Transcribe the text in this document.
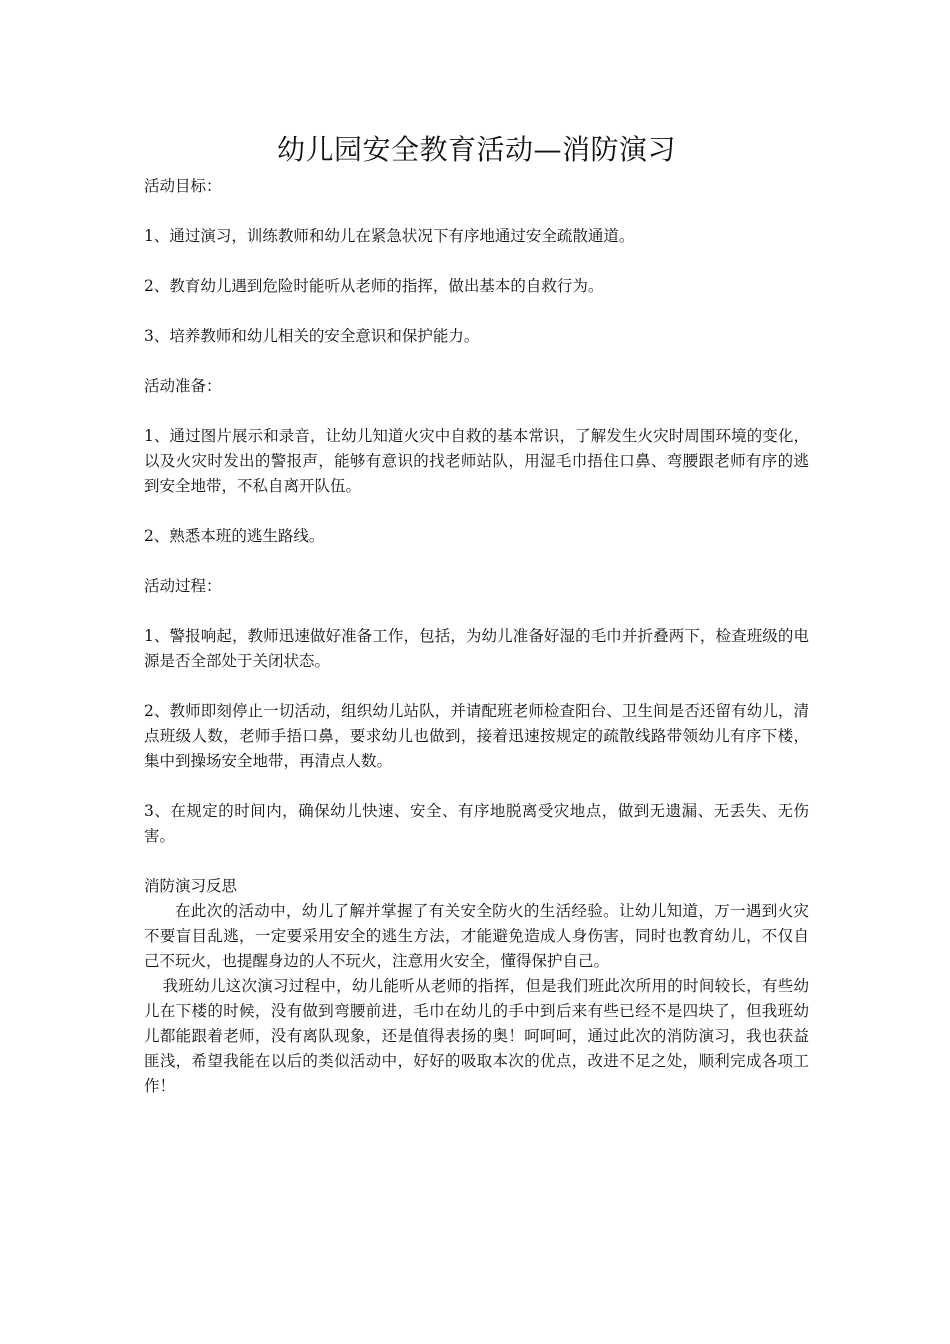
幼儿园安全教育活动—消防演习

活动目标：

1、通过演习，训练教师和幼儿在紧急状况下有序地通过安全疏散通道。

2、教育幼儿遇到危险时能听从老师的指挥，做出基本的自救行为。

3、培养教师和幼儿相关的安全意识和保护能力。

活动准备：

1、通过图片展示和录音，让幼儿知道火灾中自救的基本常识，了解发生火灾时周围环境的变化，以及火灾时发出的警报声，能够有意识的找老师站队，用湿毛巾捂住口鼻、弯腰跟老师有序的逃到安全地带，不私自离开队伍。

2、熟悉本班的逃生路线。

活动过程：

1、警报响起，教师迅速做好准备工作，包括，为幼儿准备好湿的毛巾并折叠两下，检查班级的电源是否全部处于关闭状态。

2、教师即刻停止一切活动，组织幼儿站队，并请配班老师检查阳台、卫生间是否还留有幼儿，清点班级人数，老师手捂口鼻，要求幼儿也做到，接着迅速按规定的疏散线路带领幼儿有序下楼，集中到操场安全地带，再清点人数。

3、在规定的时间内，确保幼儿快速、安全、有序地脱离受灾地点，做到无遗漏、无丢失、无伤害。

消防演习反思

在此次的活动中，幼儿了解并掌握了有关安全防火的生活经验。让幼儿知道，万一遇到火灾不要盲目乱逃，一定要采用安全的逃生方法，才能避免造成人身伤害，同时也教育幼儿，不仅自己不玩火，也提醒身边的人不玩火，注意用火安全，懂得保护自己。

我班幼儿这次演习过程中，幼儿能听从老师的指挥，但是我们班此次所用的时间较长，有些幼儿在下楼的时候，没有做到弯腰前进，毛巾在幼儿的手中到后来有些已经不是四块了，但我班幼儿都能跟着老师，没有离队现象，还是值得表扬的奥！呵呵呵，通过此次的消防演习，我也获益匪浅，希望我能在以后的类似活动中，好好的吸取本次的优点，改进不足之处，顺利完成各项工作！
